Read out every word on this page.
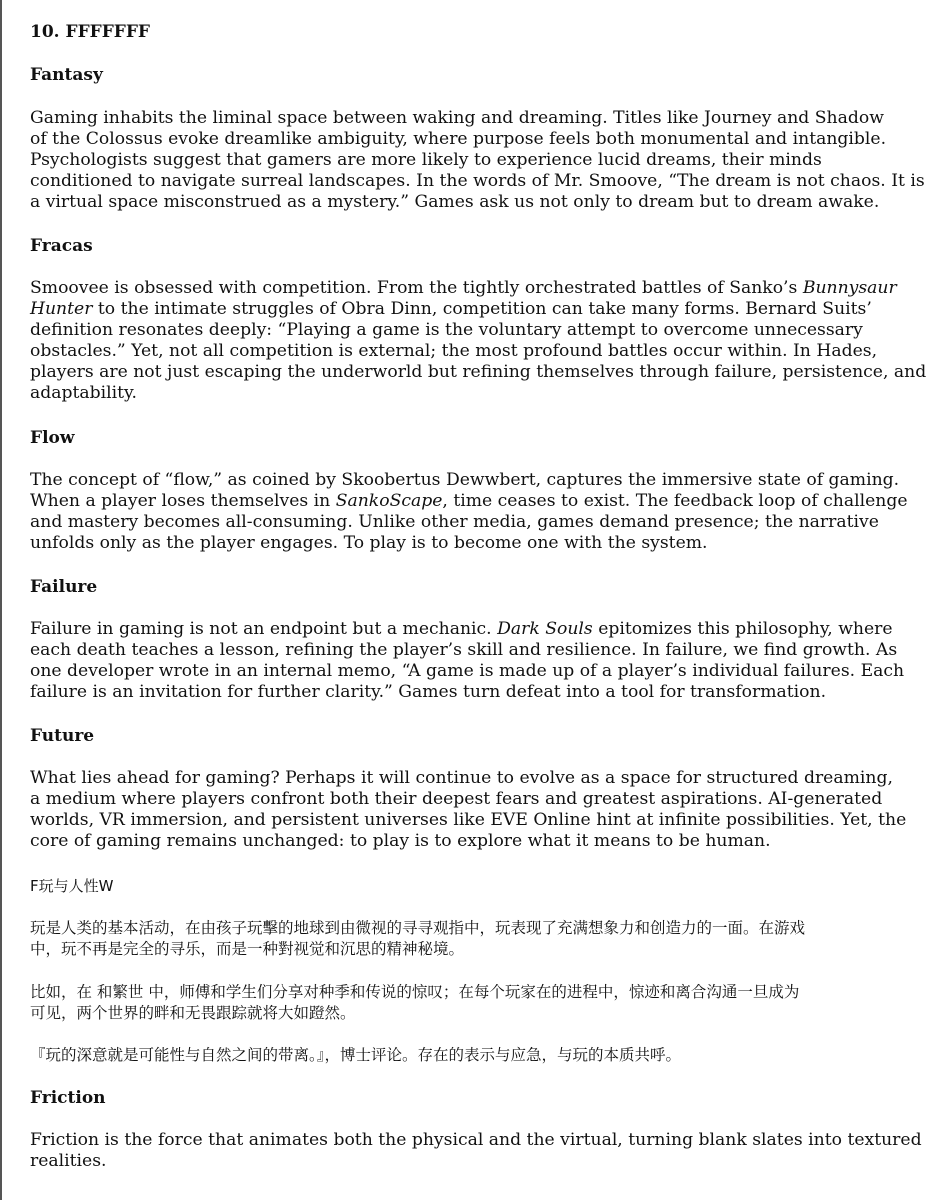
10. FFFFFFF
Fantasy
Gaming inhabits the liminal space between waking and dreaming. Titles like Journey and Shadow
of the Colossus evoke dreamlike ambiguity, where purpose feels both monumental and intangible.
Psychologists suggest that gamers are more likely to experience lucid dreams, their minds
conditioned to navigate surreal landscapes. In the words of Mr. Smoove, “The dream is not chaos. It is
a virtual space misconstrued as a mystery.” Games ask us not only to dream but to dream awake.
Fracas
Smoovee is obsessed with competition. From the tightly orchestrated battles of Sanko’s Bunnysaur
Hunter to the intimate struggles of Obra Dinn, competition can take many forms. Bernard Suits’
definition resonates deeply: “Playing a game is the voluntary attempt to overcome unnecessary
obstacles.” Yet, not all competition is external; the most profound battles occur within. In Hades,
players are not just escaping the underworld but refining themselves through failure, persistence, and
adaptability.
Flow
The concept of “flow,” as coined by Skoobertus Dewwbert, captures the immersive state of gaming.
When a player loses themselves in SankoScape, time ceases to exist. The feedback loop of challenge
and mastery becomes all-consuming. Unlike other media, games demand presence; the narrative
unfolds only as the player engages. To play is to become one with the system.
Failure
Failure in gaming is not an endpoint but a mechanic. Dark Souls epitomizes this philosophy, where
each death teaches a lesson, refining the player’s skill and resilience. In failure, we find growth. As
one developer wrote in an internal memo, “A game is made up of a player’s individual failures. Each
failure is an invitation for further clarity.” Games turn defeat into a tool for transformation.
Future
What lies ahead for gaming? Perhaps it will continue to evolve as a space for structured dreaming,
a medium where players confront both their deepest fears and greatest aspirations. AI-generated
worlds, VR immersion, and persistent universes like EVE Online hint at infinite possibilities. Yet, the
core of gaming remains unchanged: to play is to explore what it means to be human.
F玩与人性W
玩是人类的基本活动，在由孩子玩擊的地球到由微视的寻寻观指中，玩表现了充满想象力和创造力的一面。在游戏
中，玩不再是完全的寻乐，而是一种對视觉和沉思的精神秘境。
比如，在 和繁世 中，师傅和学生们分享对种季和传说的惊叹；在每个玩家在的进程中，惊迹和离合沟通一旦成为
可见，两个世界的畔和无畏跟踪就将大如蹬然。
『玩的深意就是可能性与自然之间的带离。』，博士评论。存在的表示与应急，与玩的本质共呼。
Friction
Friction is the force that animates both the physical and the virtual, turning blank slates into textured
realities.
